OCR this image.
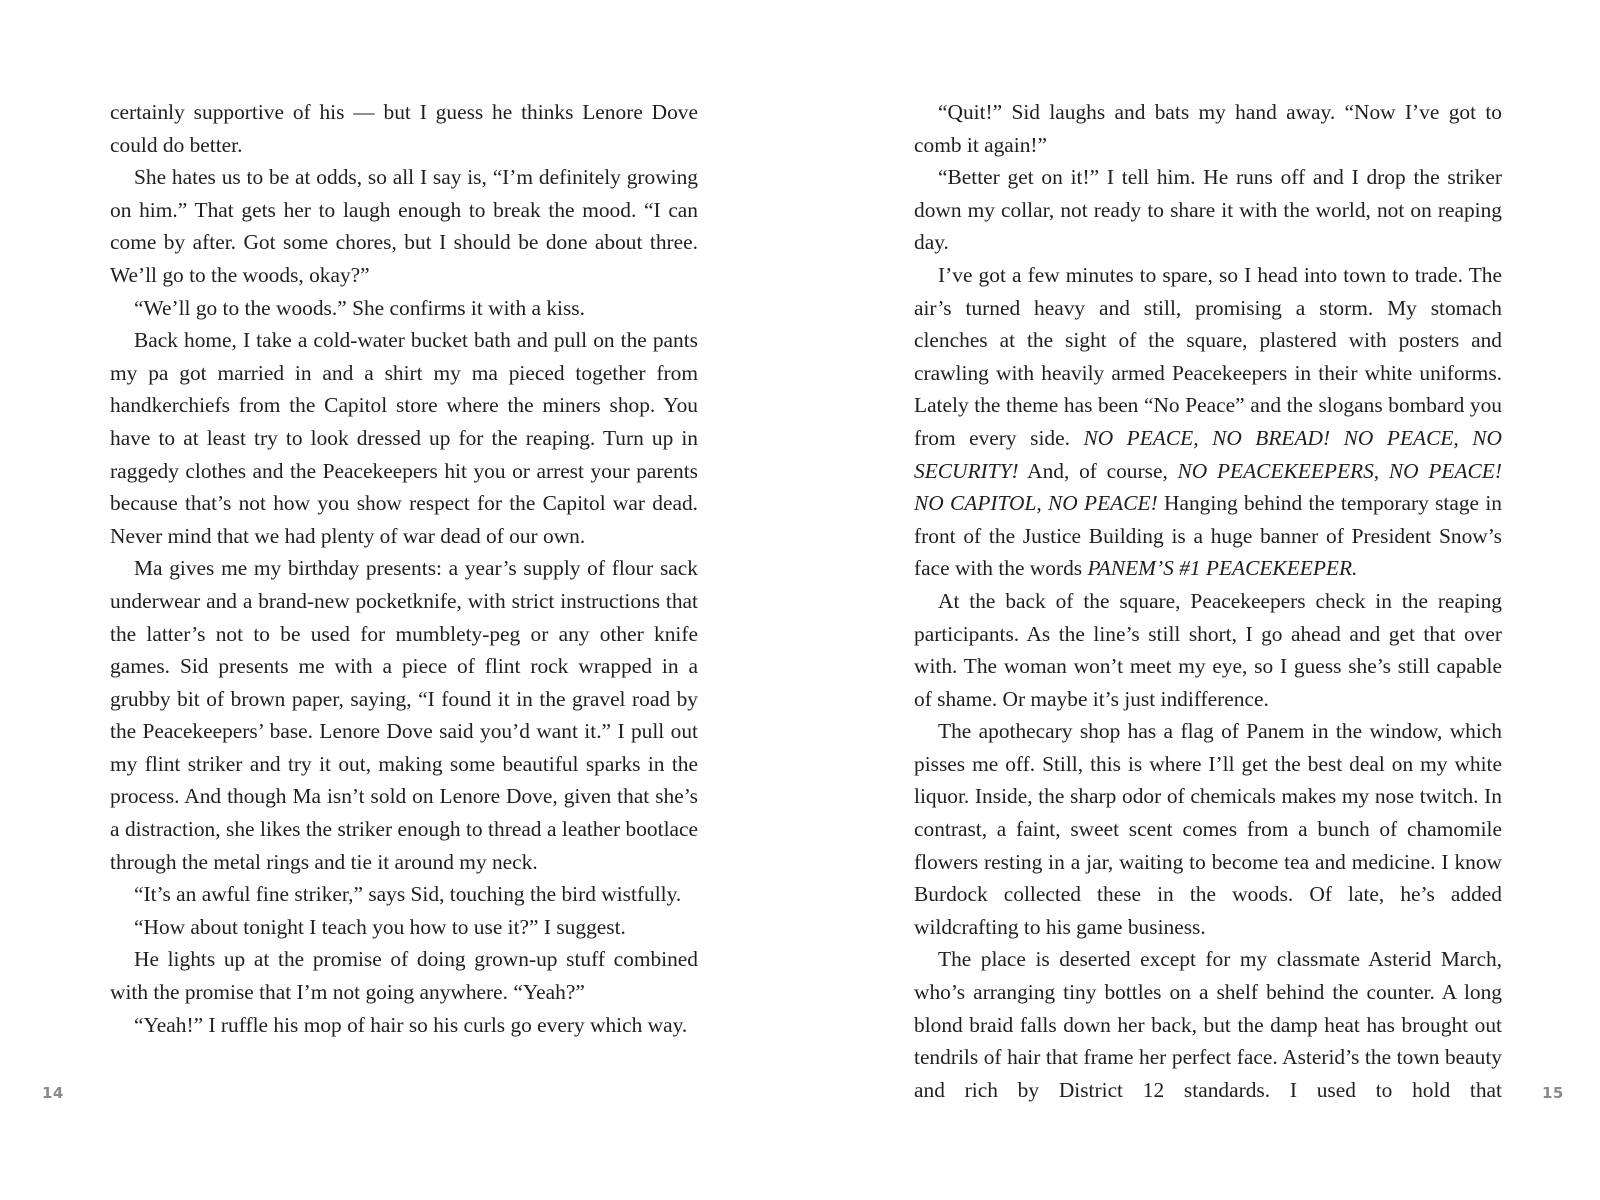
certainly supportive of his — but I guess he thinks Lenore Dove could do better.

She hates us to be at odds, so all I say is, “I’m definitely growing on him.” That gets her to laugh enough to break the mood. “I can come by after. Got some chores, but I should be done about three. We’ll go to the woods, okay?”

“We’ll go to the woods.” She confirms it with a kiss.

Back home, I take a cold-water bucket bath and pull on the pants my pa got married in and a shirt my ma pieced together from handkerchiefs from the Capitol store where the miners shop. You have to at least try to look dressed up for the reaping. Turn up in raggedy clothes and the Peacekeepers hit you or arrest your parents because that’s not how you show respect for the Capitol war dead. Never mind that we had plenty of war dead of our own.

Ma gives me my birthday presents: a year’s supply of flour sack underwear and a brand-new pocketknife, with strict instructions that the latter’s not to be used for mumblety-peg or any other knife games. Sid presents me with a piece of flint rock wrapped in a grubby bit of brown paper, saying, “I found it in the gravel road by the Peacekeepers’ base. Lenore Dove said you’d want it.” I pull out my flint striker and try it out, making some beautiful sparks in the process. And though Ma isn’t sold on Lenore Dove, given that she’s a distraction, she likes the striker enough to thread a leather bootlace through the metal rings and tie it around my neck.

“It’s an awful fine striker,” says Sid, touching the bird wistfully.

“How about tonight I teach you how to use it?” I suggest.

He lights up at the promise of doing grown-up stuff combined with the promise that I’m not going anywhere. “Yeah?”

“Yeah!” I ruffle his mop of hair so his curls go every which way.

“Quit!” Sid laughs and bats my hand away. “Now I’ve got to comb it again!”

“Better get on it!” I tell him. He runs off and I drop the striker down my collar, not ready to share it with the world, not on reaping day.

I’ve got a few minutes to spare, so I head into town to trade. The air’s turned heavy and still, promising a storm. My stomach clenches at the sight of the square, plastered with posters and crawling with heavily armed Peacekeepers in their white uniforms. Lately the theme has been “No Peace” and the slogans bombard you from every side. NO PEACE, NO BREAD! NO PEACE, NO SECURITY! And, of course, NO PEACEKEEPERS, NO PEACE! NO CAPITOL, NO PEACE! Hanging behind the temporary stage in front of the Justice Building is a huge banner of President Snow’s face with the words PANEM’S #1 PEACEKEEPER.

At the back of the square, Peacekeepers check in the reaping participants. As the line’s still short, I go ahead and get that over with. The woman won’t meet my eye, so I guess she’s still capable of shame. Or maybe it’s just indifference.

The apothecary shop has a flag of Panem in the window, which pisses me off. Still, this is where I’ll get the best deal on my white liquor. Inside, the sharp odor of chemicals makes my nose twitch. In contrast, a faint, sweet scent comes from a bunch of chamomile flowers resting in a jar, waiting to become tea and medicine. I know Burdock collected these in the woods. Of late, he’s added wildcrafting to his game business.

The place is deserted except for my classmate Asterid March, who’s arranging tiny bottles on a shelf behind the counter. A long blond braid falls down her back, but the damp heat has brought out tendrils of hair that frame her perfect face. Asterid’s the town beauty and rich by District 12 standards. I used to hold that

14	15
